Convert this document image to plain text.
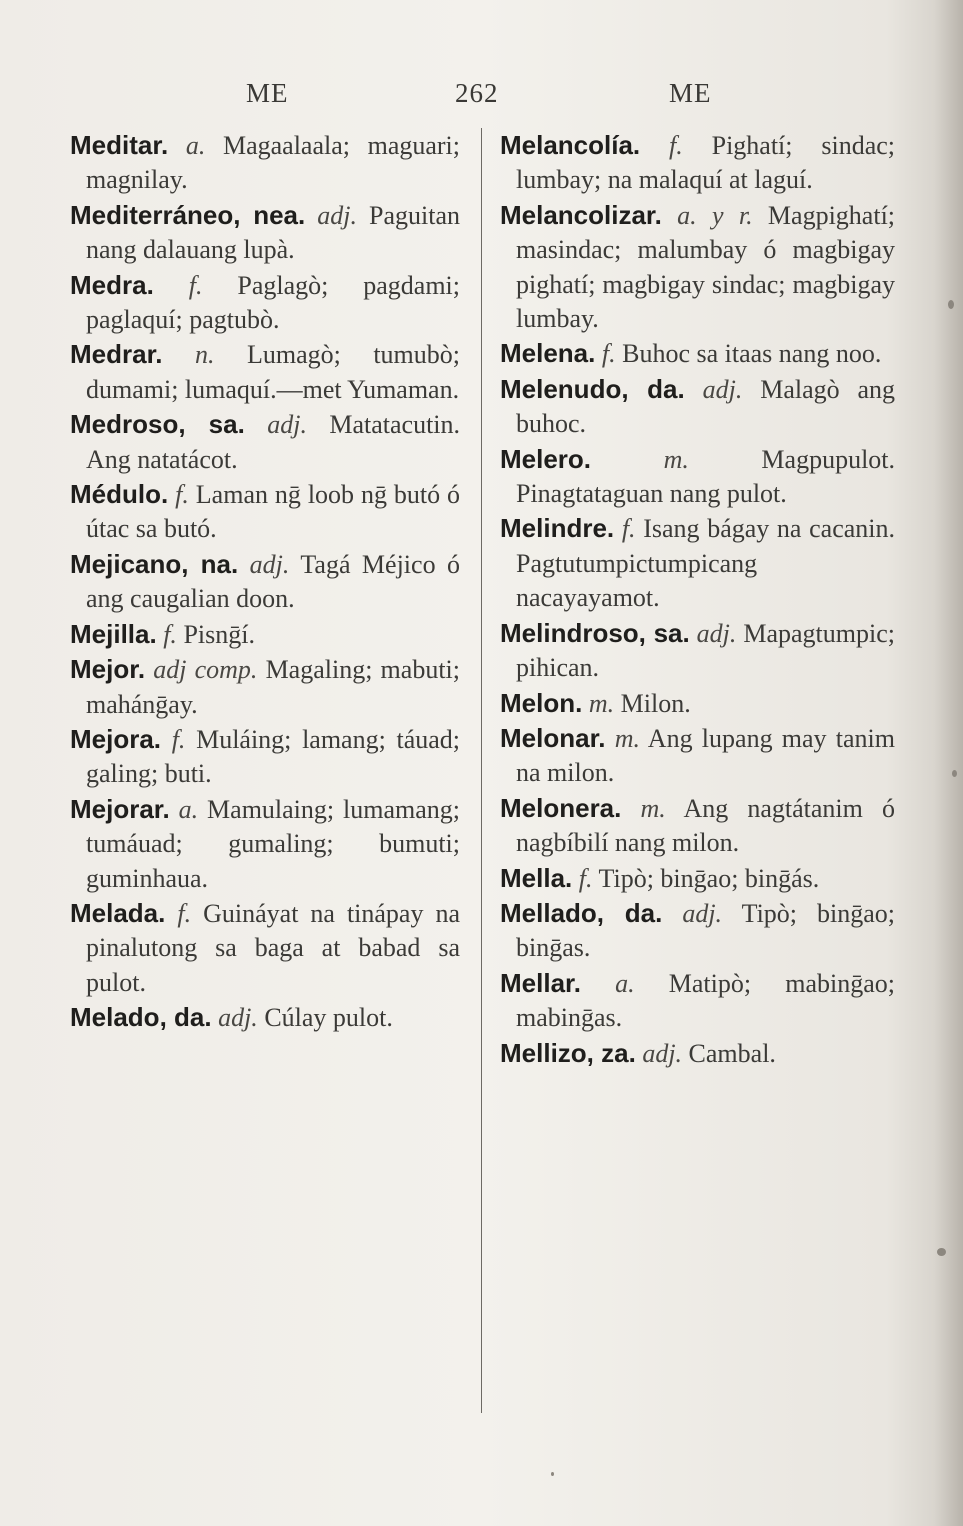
ME	262	ME
Meditar. a. Magaalaala; maguari; magnilay.
Mediterráneo, nea. adj. Paguitan nang dalauang lupà.
Medra. f. Paglagò; pagdami; paglaquí; pagtubò.
Medrar. n. Lumagò; tumubò; dumami; lumaquí.—met Yumaman.
Medroso, sa. adj. Matatacutin. Ang natatácot.
Médulo. f. Laman nḡ loob nḡ butó ó útac sa butó.
Mejicano, na. adj. Tagá Méjico ó ang caugalian doon.
Mejilla. f. Pisnḡí.
Mejor. adj comp. Magaling; mabuti; mahánḡay.
Mejora. f. Muláing; lamang; táuad; galing; buti.
Mejorar. a. Mamulaing; lumamang; tumáuad; gumaling; bumuti; guminhaua.
Melada. f. Guináyat na tinápay na pinalutong sa baga at babad sa pulot.
Melado, da. adj. Cúlay pulot.
Melancolía. f. Pighatí; sindac; lumbay; na malaquí at laguí.
Melancolizar. a. y r. Magpighatí; masindac; malumbay ó magbigay pighatí; magbigay sindac; magbigay lumbay.
Melena. f. Buhoc sa itaas nang noo.
Melenudo, da. adj. Malagò ang buhoc.
Melero.	m.	Magpupulot. Pinagtataguan nang pulot.
Melindre. f. Isang bágay na cacanin. Pagtutumpictumpicang nacayayamot.
Melindroso, sa. adj. Mapagtumpic; pihican.
Melon. m. Milon.
Melonar. m. Ang lupang may tanim na milon.
Melonera. m. Ang nagtátanim ó nagbíbilí nang milon.
Mella. f. Tipò; binḡao; binḡás.
Mellado, da. adj. Tipò; binḡao; binḡas.
Mellar. a. Matipò; mabinḡao; mabinḡas.
Mellizo, za. adj. Cambal.
